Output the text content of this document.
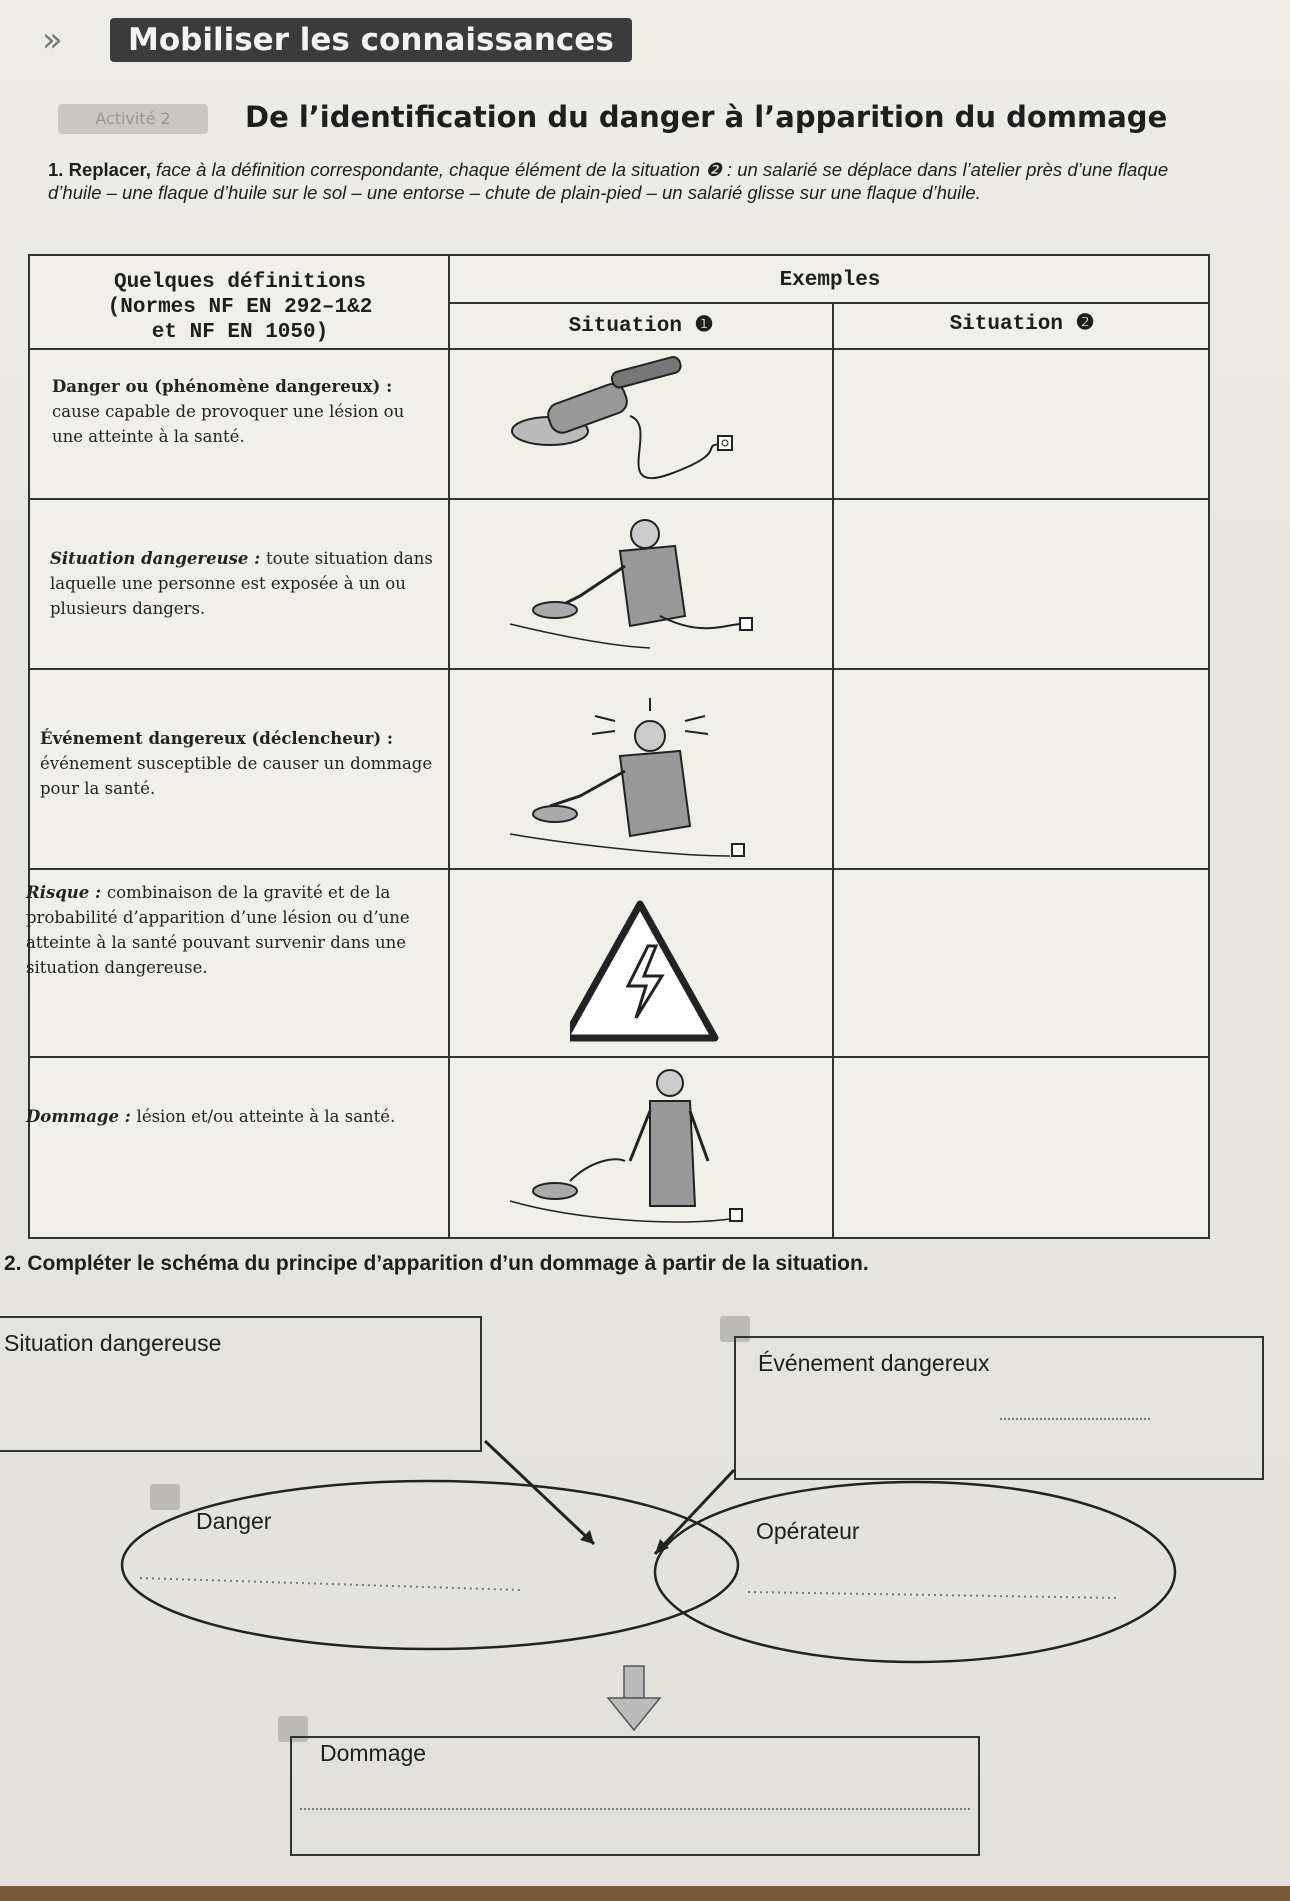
»	Mobiliser les connaissances
Activité 2	De l’identification du danger à l’apparition du dommage
1. Replacer, face à la définition correspondante, chaque élément de la situation ❷ : un salarié se déplace dans l’atelier près d’une flaque d’huile – une flaque d’huile sur le sol – une entorse – chute de plain-pied – un salarié glisse sur une flaque d’huile.
Quelques définitions
(Normes NF EN 292–1&2
et NF EN 1050)
Exemples
Situation ❶	Situation ❷
Danger ou (phénomène dangereux) : cause capable de provoquer une lésion ou une atteinte à la santé.
Situation dangereuse : toute situation dans laquelle une personne est exposée à un ou plusieurs dangers.
Événement dangereux (déclencheur) : événement susceptible de causer un dommage pour la santé.
Risque : combinaison de la gravité et de la probabilité d’apparition d’une lésion ou d’une atteinte à la santé pouvant survenir dans une situation dangereuse.
Dommage : lésion et/ou atteinte à la santé.
2. Compléter le schéma du principe d’apparition d’un dommage à partir de la situation.
Situation dangereuse
Événement dangereux
Danger	Opérateur
Dommage
